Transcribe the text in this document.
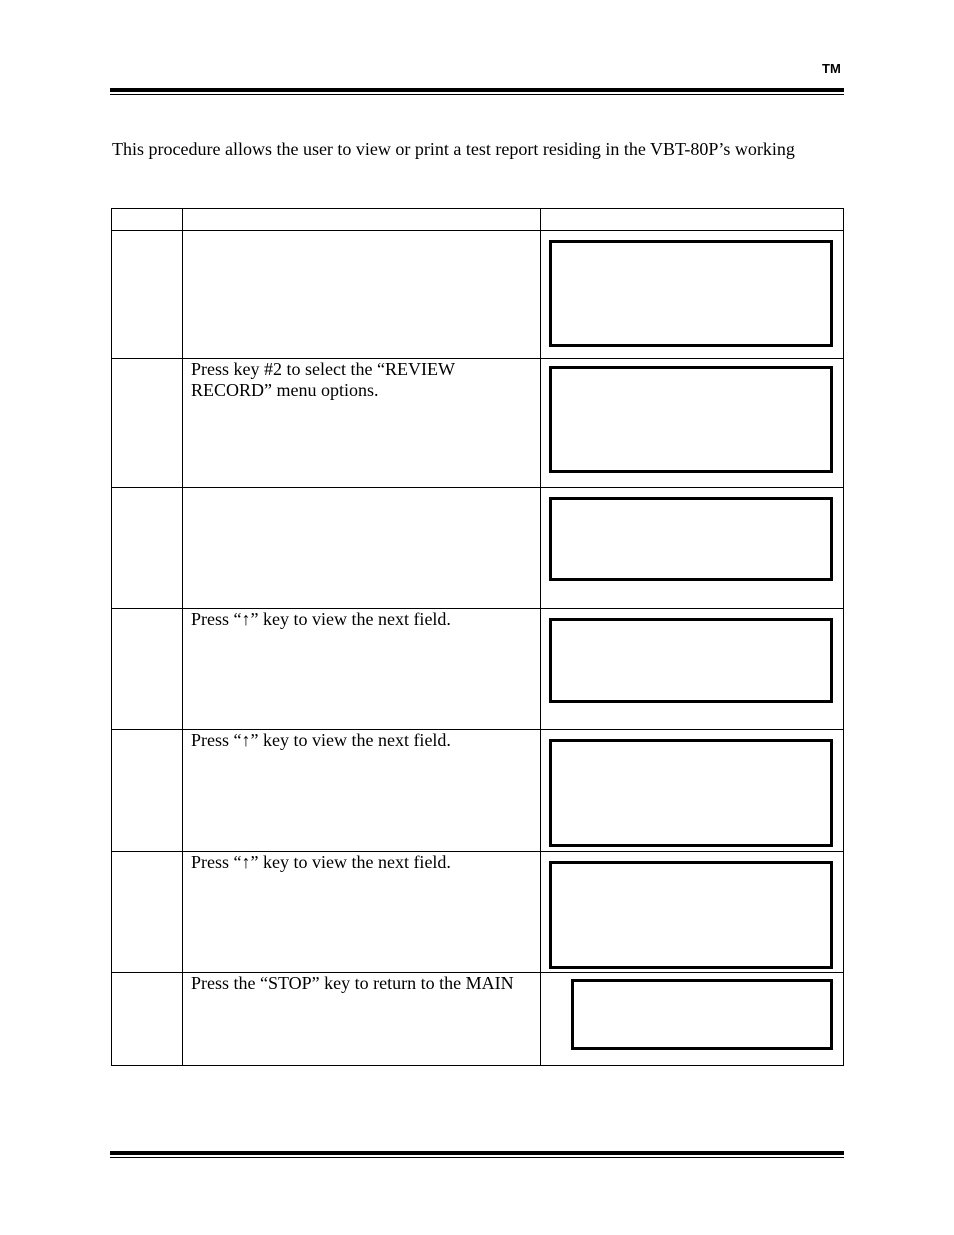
TM
This procedure allows the user to view or print a test report residing in the VBT-80P’s working

	Press key #2 to select the “REVIEW RECORD” menu options.	

	Press “↑” key to view the next field.	

	Press “↑” key to view the next field.	

	Press “↑” key to view the next field.	

	Press the “STOP” key to return to the MAIN	
